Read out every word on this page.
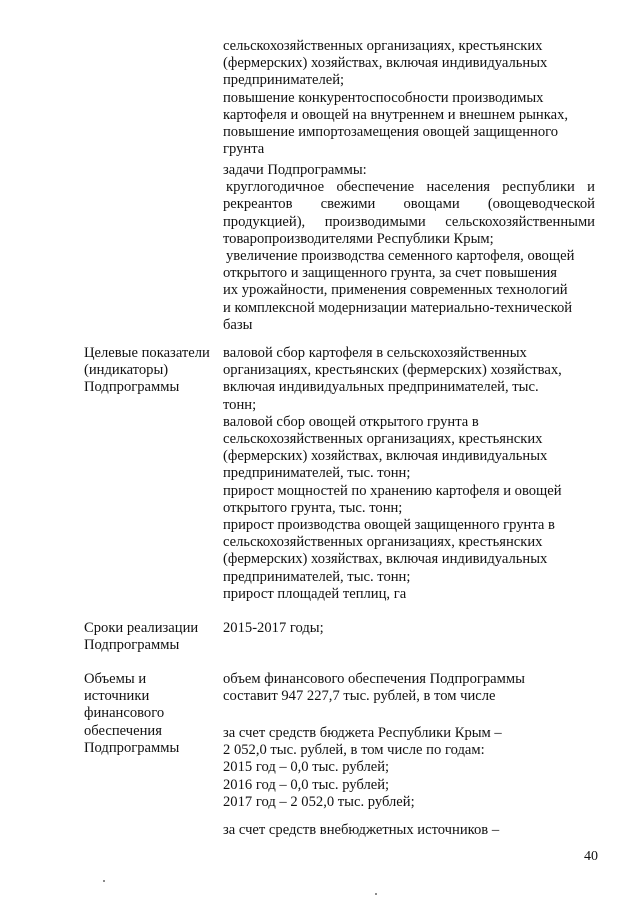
сельскохозяйственных организациях, крестьянских
(фермерских) хозяйствах, включая индивидуальных
предпринимателей;
повышение конкурентоспособности производимых
картофеля и овощей на внутреннем и внешнем рынках,
повышение импортозамещения овощей защищенного
грунта
задачи Подпрограммы:
круглогодичное обеспечение населения республики и
рекреантов свежими овощами (овощеводческой
продукцией), производимыми сельскохозяйственными
товаропроизводителями Республики Крым;
увеличение производства семенного картофеля, овощей
открытого и защищенного грунта, за счет повышения
их урожайности, применения современных технологий
и комплексной модернизации материально-технической
базы
Целевые показатели
(индикаторы)
Подпрограммы
валовой сбор картофеля в сельскохозяйственных
организациях, крестьянских (фермерских) хозяйствах,
включая индивидуальных предпринимателей, тыс.
тонн;
валовой сбор овощей открытого грунта в
сельскохозяйственных организациях, крестьянских
(фермерских) хозяйствах, включая индивидуальных
предпринимателей, тыс. тонн;
прирост мощностей по хранению картофеля и овощей
открытого грунта, тыс. тонн;
прирост производства овощей защищенного грунта в
сельскохозяйственных организациях, крестьянских
(фермерских) хозяйствах, включая индивидуальных
предпринимателей, тыс. тонн;
прирост площадей теплиц, га
Сроки реализации
Подпрограммы
2015-2017 годы;
Объемы и
источники
финансового
обеспечения
Подпрограммы
объем финансового обеспечения Подпрограммы
составит 947 227,7 тыс. рублей, в том числе
за счет средств бюджета Республики Крым –
2 052,0 тыс. рублей, в том числе по годам:
2015 год – 0,0 тыс. рублей;
2016 год – 0,0 тыс. рублей;
2017 год – 2 052,0 тыс. рублей;
за счет средств внебюджетных источников –
40
